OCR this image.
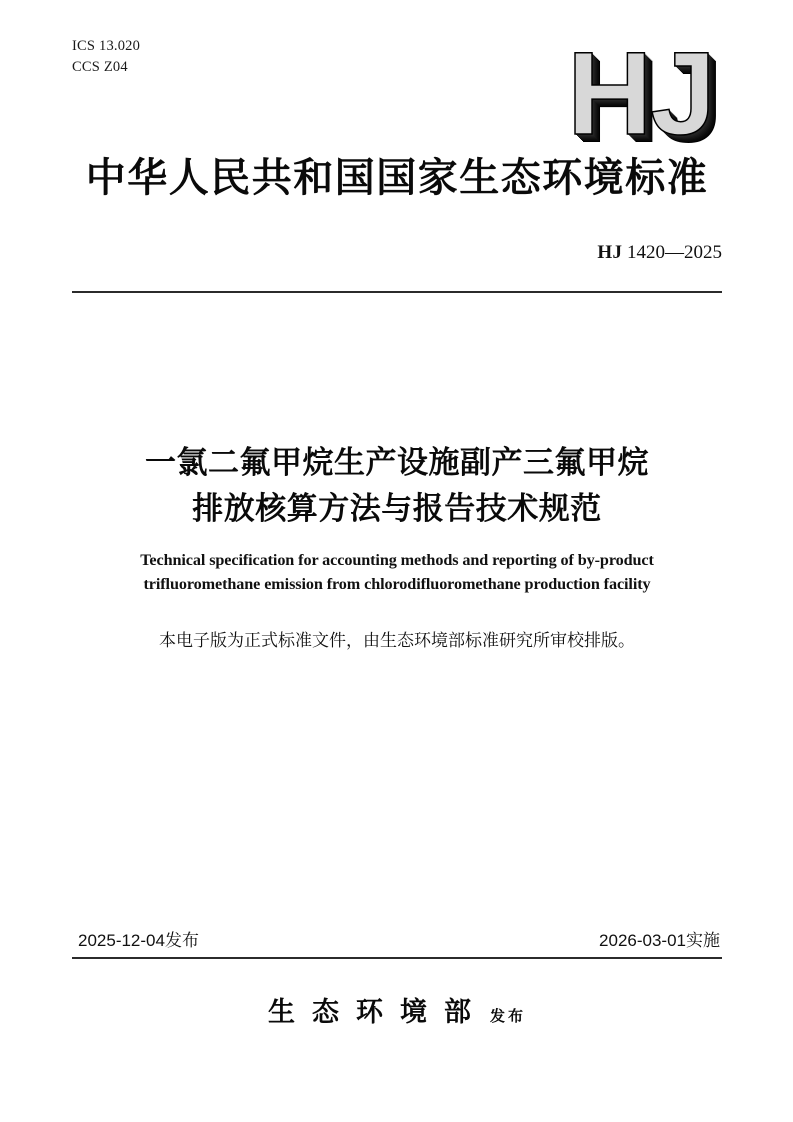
ICS 13.020
CCS Z04	HJ
中华人民共和国国家生态环境标准
HJ 1420—2025
一氯二氟甲烷生产设施副产三氟甲烷
排放核算方法与报告技术规范
Technical specification for accounting methods and reporting of by-product
trifluoromethane emission from chlorodifluoromethane production facility
本电子版为正式标准文件，由生态环境部标准研究所审校排版。
2025-12-04发布	2026-03-01实施
生态环境部 发布
